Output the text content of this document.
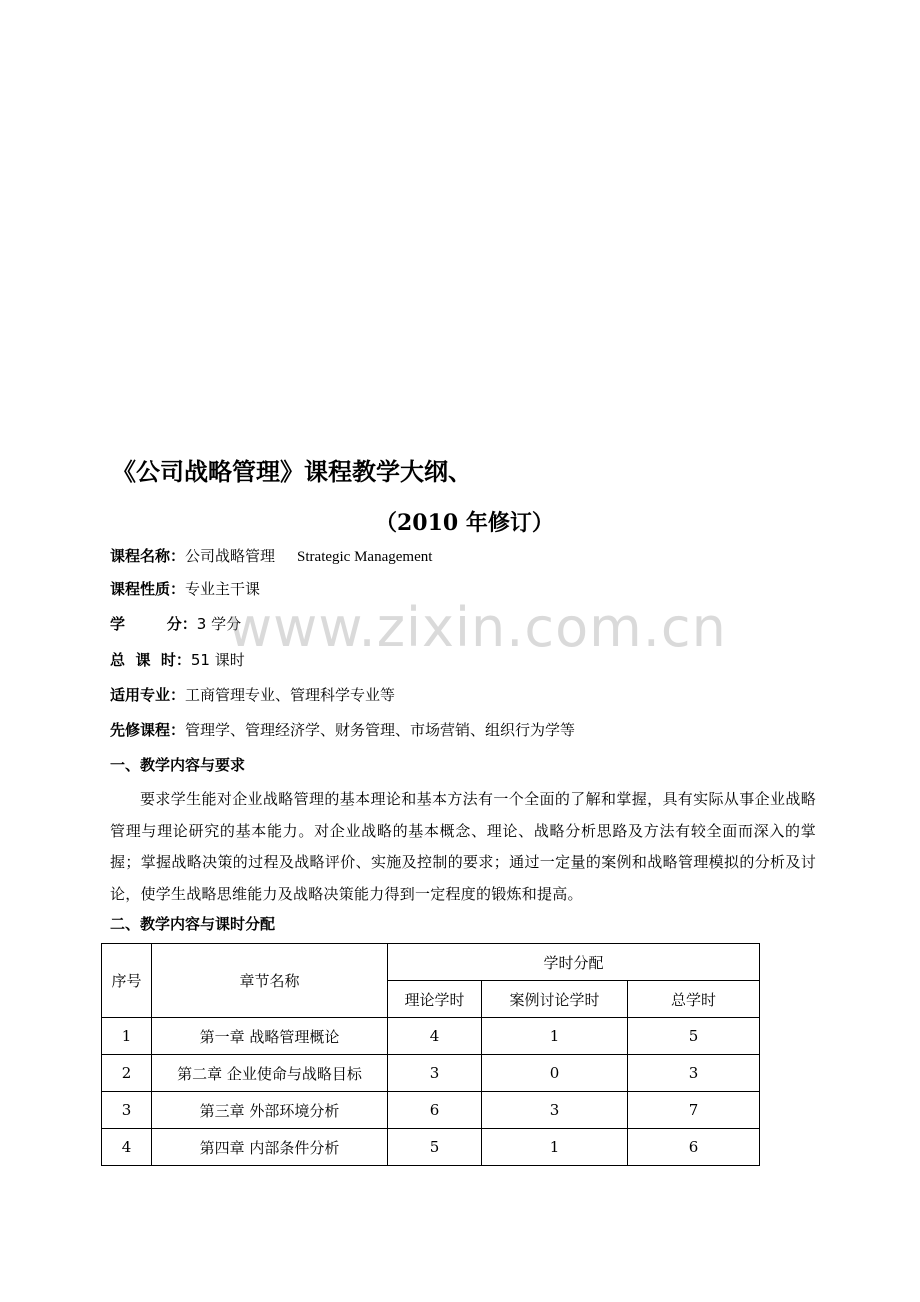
《公司战略管理》课程教学大纲、
（2010 年修订）
课程名称：公司战略管理 Strategic Management
课程性质：专业主干课
学        分：3 学分
总  课  时：51 课时
适用专业：工商管理专业、管理科学专业等
先修课程：管理学、管理经济学、财务管理、市场营销、组织行为学等
一、教学内容与要求
要求学生能对企业战略管理的基本理论和基本方法有一个全面的了解和掌握，具有实际从事企业战略管理与理论研究的基本能力。对企业战略的基本概念、理论、战略分析思路及方法有较全面而深入的掌握；掌握战略决策的过程及战略评价、实施及控制的要求；通过一定量的案例和战略管理模拟的分析及讨论，使学生战略思维能力及战略决策能力得到一定程度的锻炼和提高。
二、教学内容与课时分配
www.zixin.com.cn
序号	章节名称	学时分配		
		理论学时	案例讨论学时	总学时
1	第一章 战略管理概论	4	1	5
2	第二章 企业使命与战略目标	3	0	3
3	第三章 外部环境分析	6	3	7
4	第四章 内部条件分析	5	1	6
